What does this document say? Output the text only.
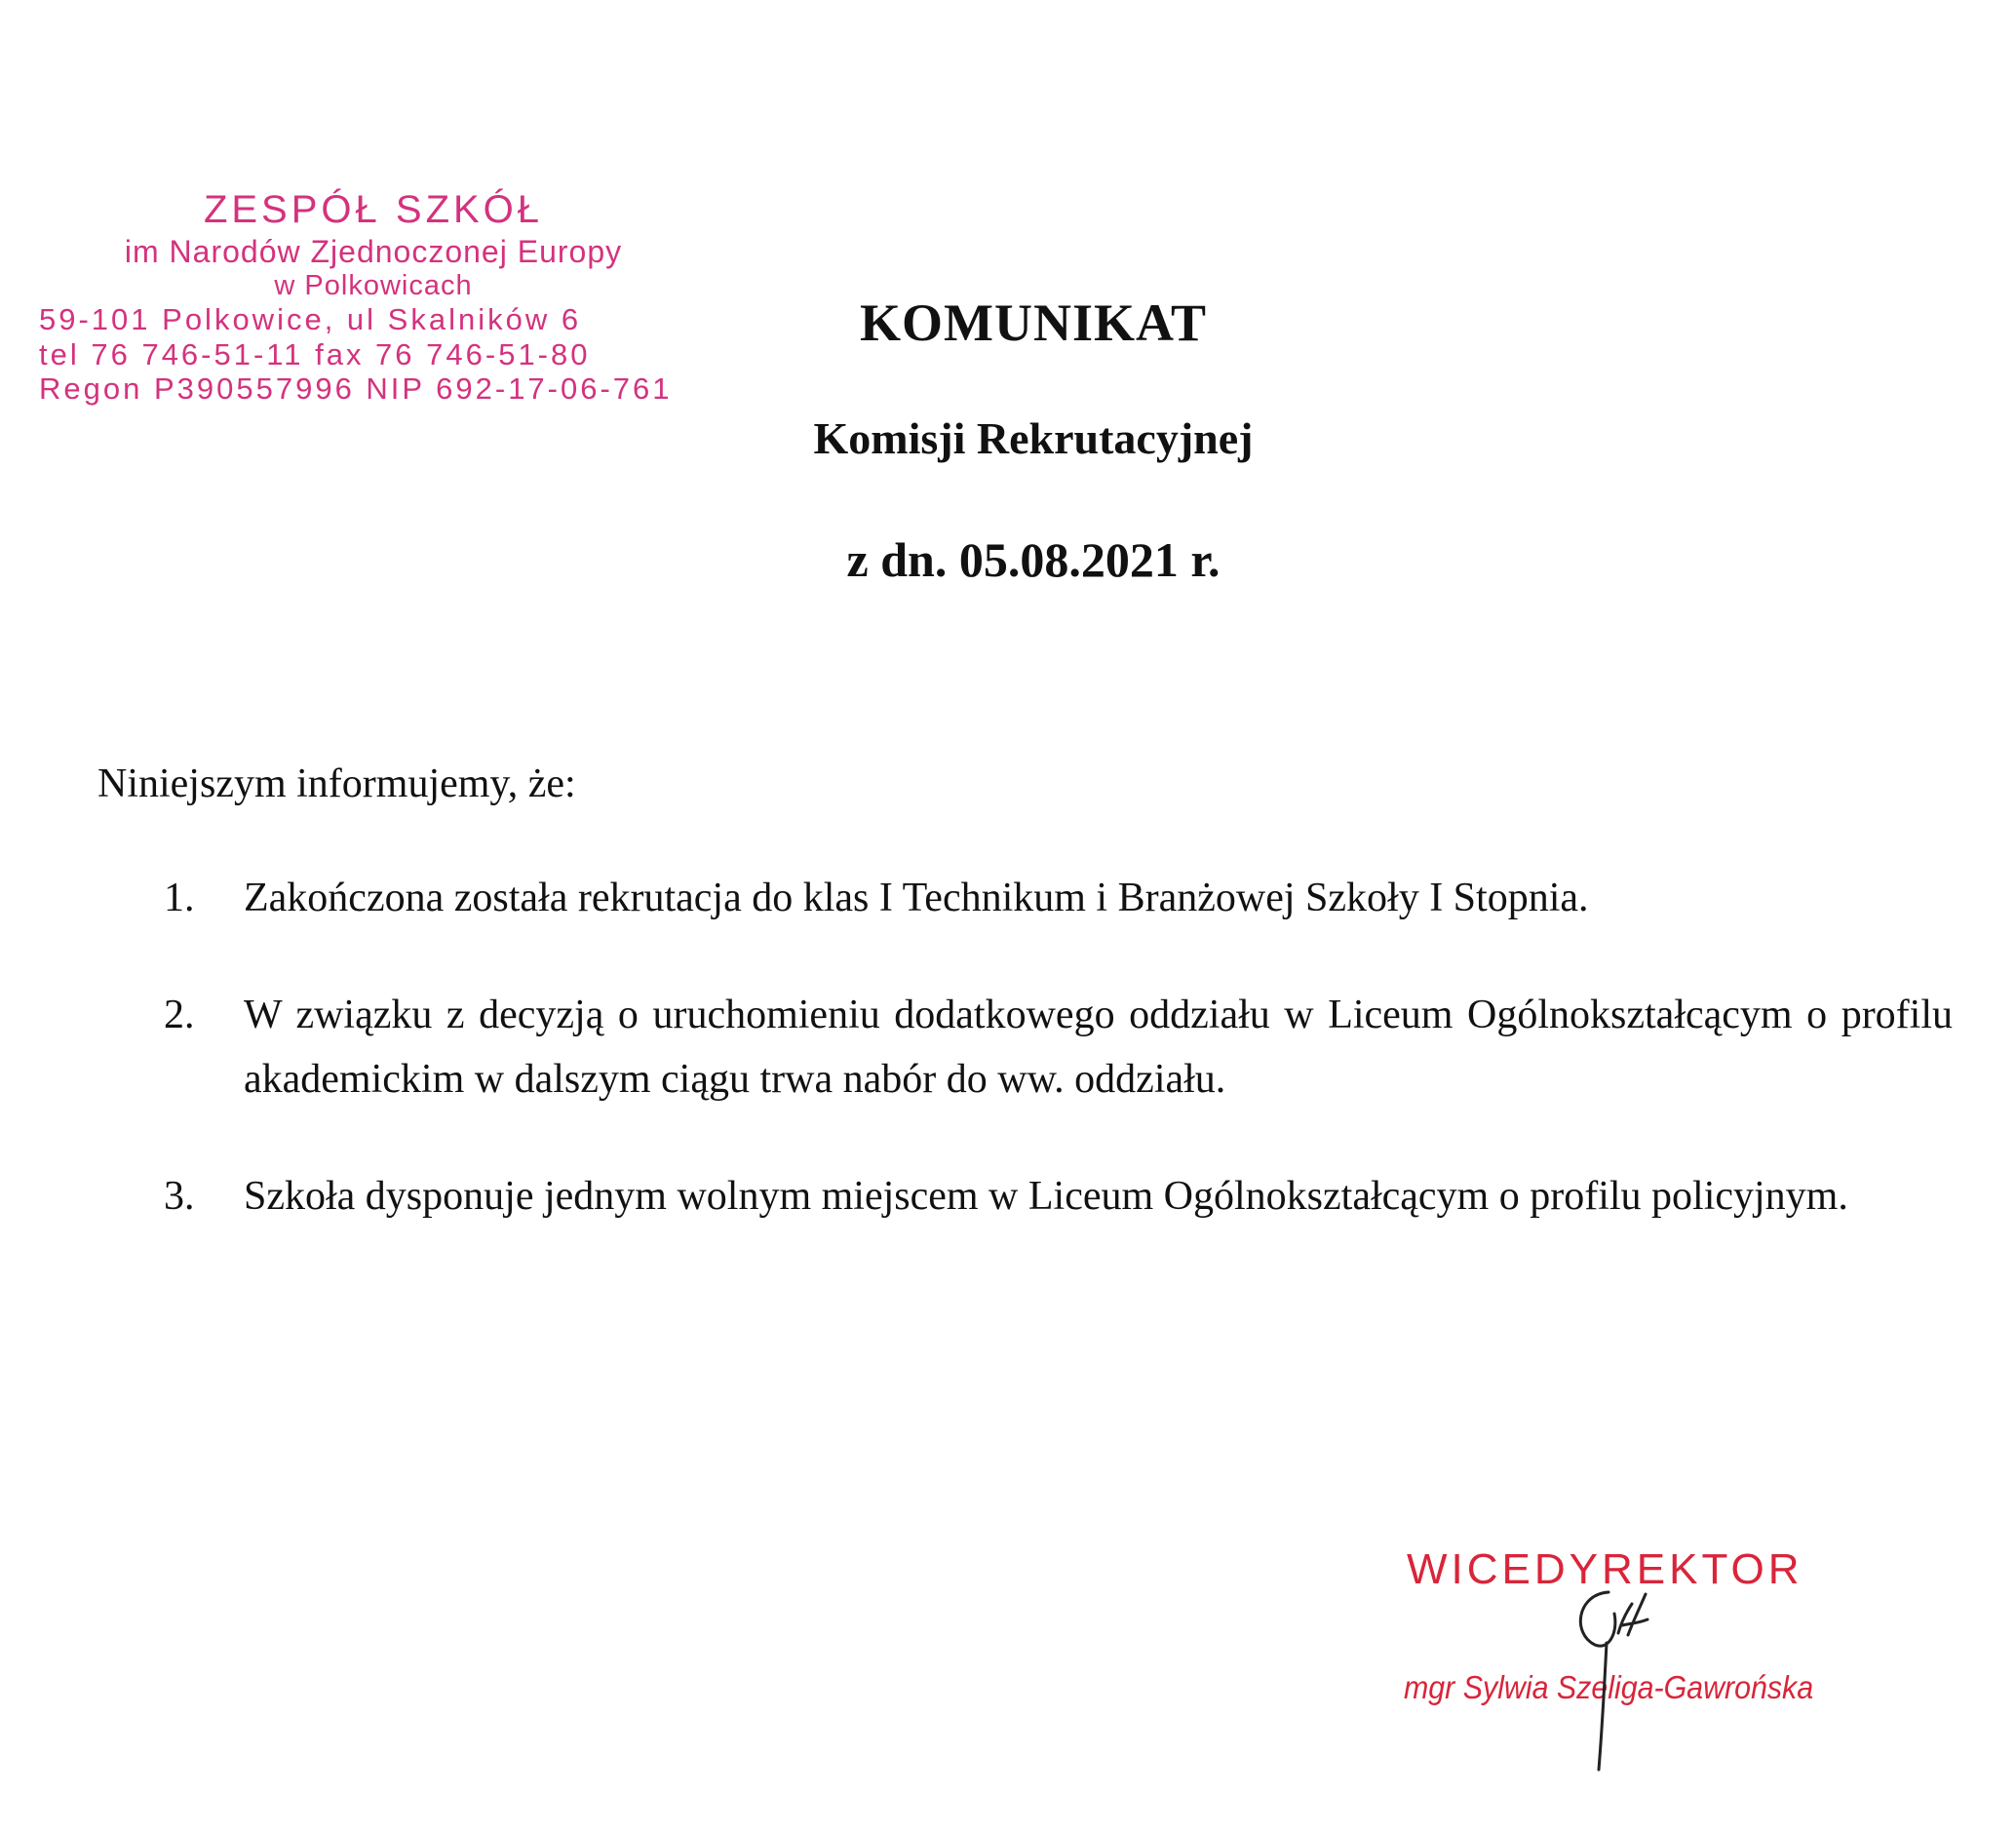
ZESPÓŁ SZKÓŁ
im Narodów Zjednoczonej Europy
w Polkowicach
59-101 Polkowice, ul Skalników 6
tel 76 746-51-11 fax 76 746-51-80
Regon P390557996 NIP 692-17-06-761
KOMUNIKAT
Komisji Rekrutacyjnej
z dn. 05.08.2021 r.
Niniejszym informujemy, że:
1.	Zakończona została rekrutacja do klas I Technikum i Branżowej Szkoły I Stopnia.
2.	W związku z decyzją o uruchomieniu dodatkowego oddziału w Liceum Ogólnokształcącym o profilu akademickim w dalszym ciągu trwa nabór do ww. oddziału.
3.	Szkoła dysponuje jednym wolnym miejscem w Liceum Ogólnokształcącym o profilu policyjnym.
WICEDYREKTOR
mgr Sylwia Szeliga-Gawrońska
